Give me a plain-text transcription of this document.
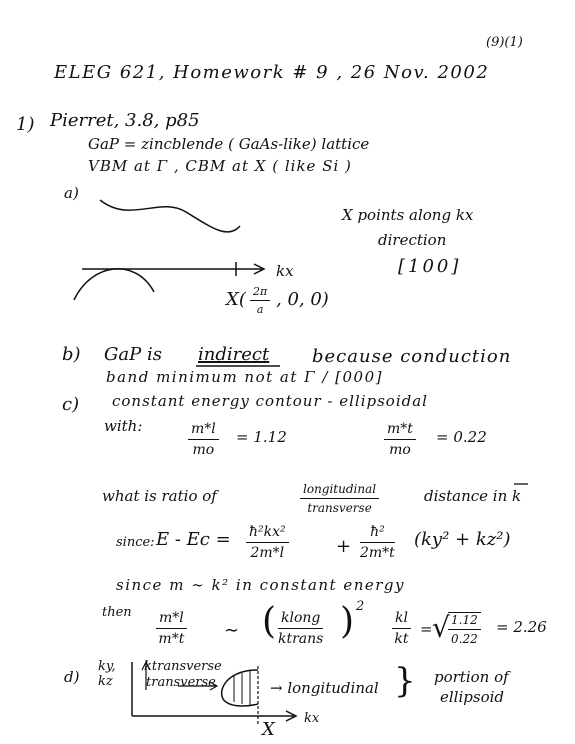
(9)(1)
ELEG 621, Homework # 9 , 26 Nov. 2002
1) Pierret, 3.8, p85
GaP = zincblende ( GaAs-like) lattice
VBM at Γ , CBM at X ( like Si )
a)
X points along kx
direction
[100]
kx
$X( \frac{2\pi}{a}$ , 0, 0)
b) GaP is indirect because conduction
band minimum not at Γ / [000]
c) constant energy contour - ellipsoidal
with:	$\frac{m*l}{mo} = 1.12$	$\frac{m*t}{mo} = 0.22$
what is ratio of	longitudinal
transverse
distance in k
since: $E - Ec = \frac{\text{ħ²kx²}}{2m*l}$	+ $\frac{\text{ħ²}}{2m*t} (ky^2 + kz^2)$
since m ∼ k² in constant energy
then $\frac{m*l}{m*t}$ ∼ ( klong
ktrans ) 2
$\frac{kl}{kt}$ = √
$\frac{1.12}{0.22} = 2.26$
d)
ky,
kz
ktransverse
transverse	→ longitudinal } portion of
ellipsoid
kx
X
